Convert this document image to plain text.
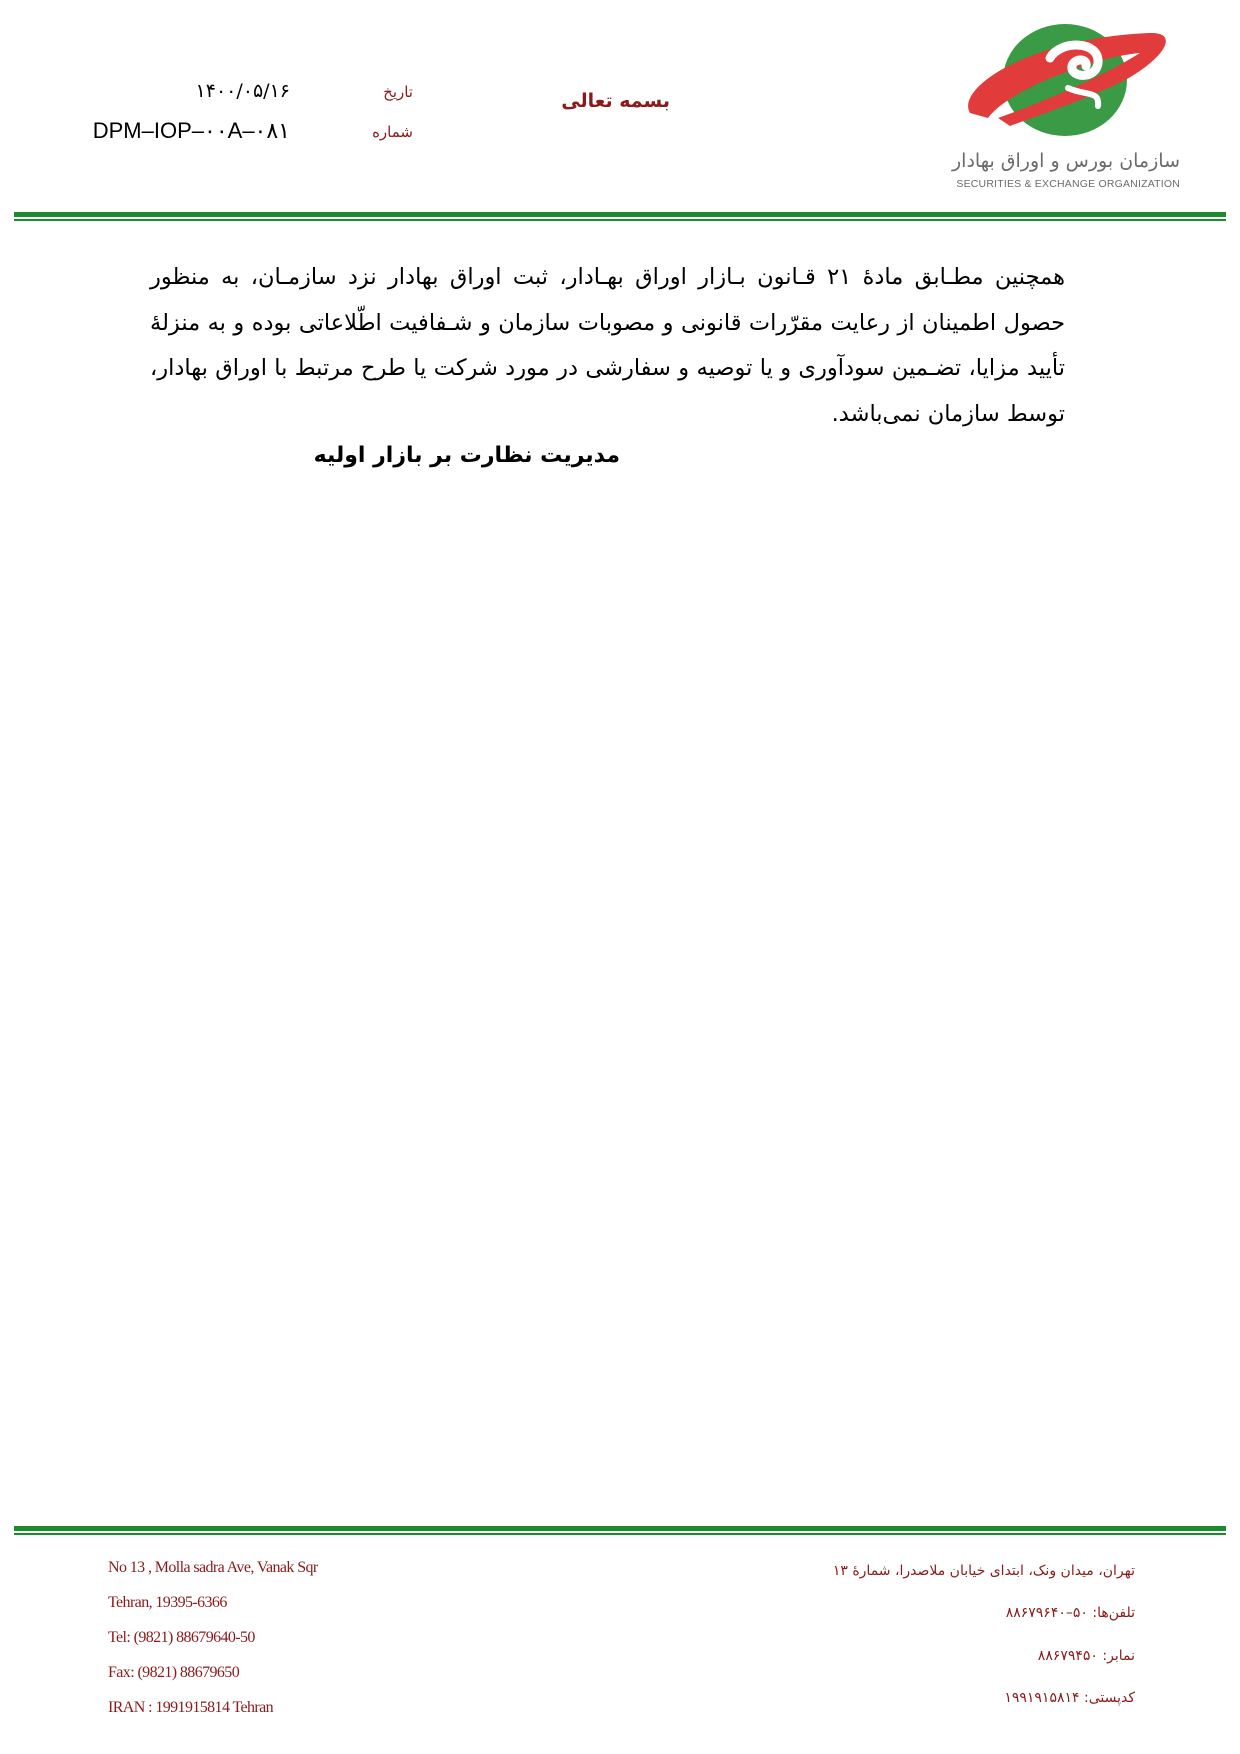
سازمان بورس و اوراق بهادار
SECURITIES & EXCHANGE ORGANIZATION
بسمه تعالی
تاریخ
شماره
۱۴۰۰/۰۵/۱۶
DPM–IOP–۰۰A–۰۸۱
همچنین مطـابق مادۀ ۲۱ قـانون بـازار اوراق بهـادار، ثبت اوراق بهادار نزد سازمـان، به منظور حصول اطمینان از رعایت مقرّرات قانونی و مصوبات سازمان و شـفافیت اطّلاعاتی بوده و به منزلۀ تأیید مزایا، تضـمین سودآوری و یا توصیه و سفارشی در مورد شرکت یا طرح مرتبط با اوراق بهادار، توسط سازمان نمی‌باشد.
مدیریت نظارت بر بازار اولیه
No 13 , Molla sadra Ave, Vanak Sqr
Tehran, 19395-6366
Tel: (9821) 88679640-50
Fax: (9821) 88679650
IRAN : 1991915814 Tehran
تهران، میدان ونک، ابتدای خیابان ملاصدرا، شمارۀ ۱۳
تلفن‌ها: ۵۰–۸۸۶۷۹۶۴۰
نمابر: ۸۸۶۷۹۴۵۰
کدپستی: ۱۹۹۱۹۱۵۸۱۴
